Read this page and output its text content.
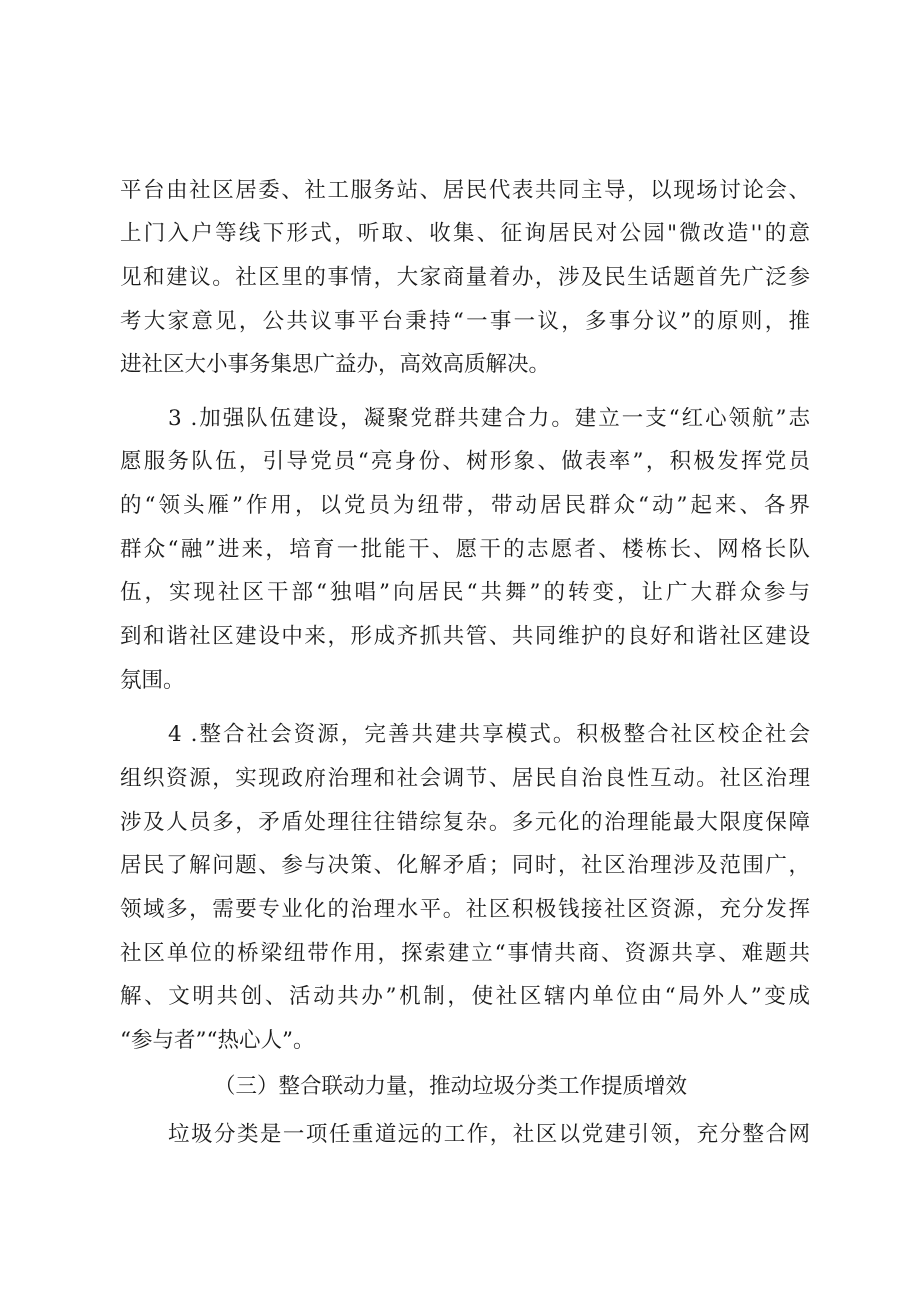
平台由社区居委、社工服务站、居民代表共同主导，以现场讨论会、
上门入户等线下形式，听取、收集、征询居民对公园"微改造''的意
见和建议。社区里的事情，大家商量着办，涉及民生话题首先广泛参
考大家意见，公共议事平台秉持“一事一议，多事分议”的原则，推
进社区大小事务集思广益办，高效高质解决。
3 .加强队伍建设，凝聚党群共建合力。建立一支“红心领航”志
愿服务队伍，引导党员“亮身份、树形象、做表率”，积极发挥党员
的“领头雁”作用，以党员为纽带，带动居民群众“动”起来、各界
群众“融”进来，培育一批能干、愿干的志愿者、楼栋长、网格长队
伍，实现社区干部“独唱”向居民“共舞”的转变，让广大群众参与
到和谐社区建设中来，形成齐抓共管、共同维护的良好和谐社区建设
氛围。
4 .整合社会资源，完善共建共享模式。积极整合社区校企社会
组织资源，实现政府治理和社会调节、居民自治良性互动。社区治理
涉及人员多，矛盾处理往往错综复杂。多元化的治理能最大限度保障
居民了解问题、参与决策、化解矛盾；同时，社区治理涉及范围广，
领域多，需要专业化的治理水平。社区积极钱接社区资源，充分发挥
社区单位的桥梁纽带作用，探索建立“事情共商、资源共享、难题共
解、文明共创、活动共办”机制，使社区辖内单位由“局外人”变成
“参与者”“热心人”。
（三）整合联动力量，推动垃圾分类工作提质增效
垃圾分类是一项任重道远的工作，社区以党建引领，充分整合网
